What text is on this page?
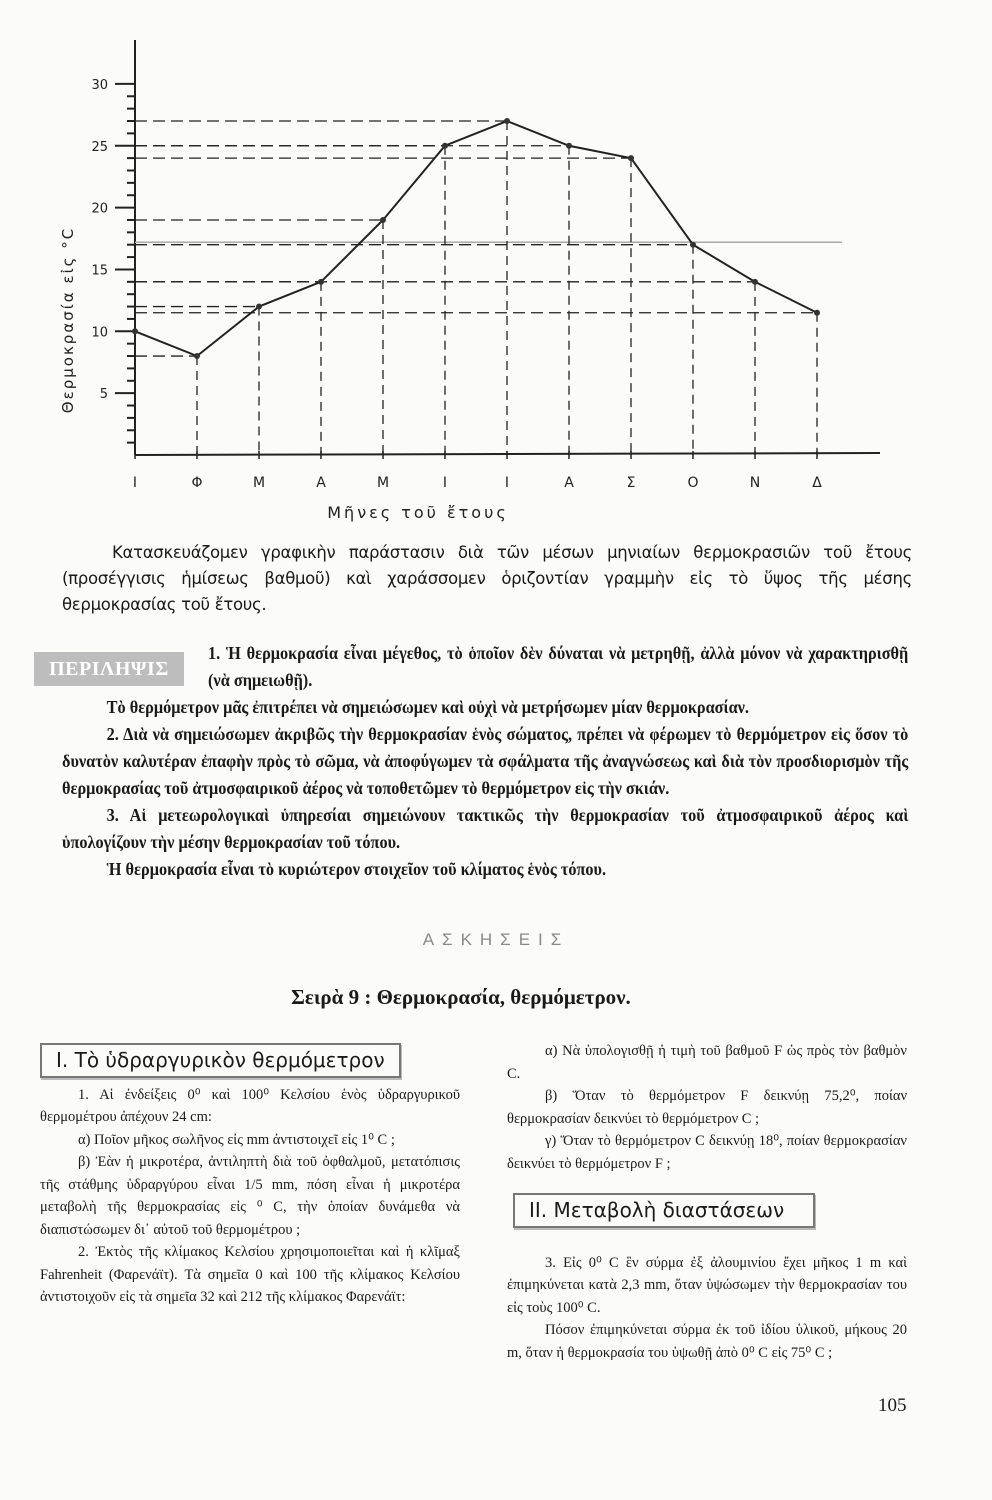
5
10
15
20
25
30
Ι	Φ	Μ	Α	Μ	Ι	Ι	Α	Σ	Ο	Ν	Δ
Θερμοκρασία εἰς °C
Μῆνες τοῦ ἔτους
Κατασκευάζομεν γραφικὴν παράστασιν διὰ τῶν μέσων μηνιαίων θερμοκρασιῶν τοῦ ἔτους (προσέγγισις ἡμίσεως βαθμοῦ) καὶ χαράσσομεν ὁριζοντίαν γραμμὴν εἰς τὸ ὕψος τῆς μέσης θερμοκρασίας τοῦ ἔτους.
ΠΕΡΙΛΗΨΙΣ

1. Ἡ θερμοκρασία εἶναι μέγεθος, τὸ ὁποῖον δὲν δύναται νὰ μετρηθῇ, ἀλλὰ μόνον νὰ χαρακτηρισθῇ (νὰ σημειωθῇ).

Τὸ θερμόμετρον μᾶς ἐπιτρέπει νὰ σημειώσωμεν καὶ οὐχὶ νὰ μετρήσωμεν μίαν θερμοκρασίαν.

2. Διὰ νὰ σημειώσωμεν ἀκριβῶς τὴν θερμοκρασίαν ἑνὸς σώματος, πρέπει νὰ φέρωμεν τὸ θερμόμετρον εἰς ὅσον τὸ δυνατὸν καλυτέραν ἐπαφὴν πρὸς τὸ σῶμα, νὰ ἀποφύγωμεν τὰ σφάλματα τῆς ἀναγνώσεως καὶ διὰ τὸν προσδιορισμὸν τῆς θερμοκρασίας τοῦ ἀτμοσφαιρικοῦ ἀέρος νὰ τοποθετῶμεν τὸ θερμόμετρον εἰς τὴν σκιάν.

3. Αἱ μετεωρολογικαὶ ὑπηρεσίαι σημειώνουν τακτικῶς τὴν θερμοκρασίαν τοῦ ἀτμοσφαιρικοῦ ἀέρος καὶ ὑπολογίζουν τὴν μέσην θερμοκρασίαν τοῦ τόπου.

Ἡ θερμοκρασία εἶναι τὸ κυριώτερον στοιχεῖον τοῦ κλίματος ἑνὸς τόπου.

ΑΣΚΗΣΕΙΣ
Σειρὰ 9 : Θερμοκρασία, θερμόμετρον.
Ι. Τὸ ὑδραργυρικὸν θερμόμετρον

1. Αἱ ἐνδείξεις 0⁰ καὶ 100⁰ Κελσίου ἑνὸς ὑδραργυρικοῦ θερμομέτρου ἀπέχουν 24 cm:

α) Ποῖον μῆκος σωλῆνος εἰς mm ἀντιστοιχεῖ εἰς 1⁰ C ;

β) Ἐὰν ἡ μικροτέρα, ἀντιληπτὴ διὰ τοῦ ὀφθαλμοῦ, μετατόπισις τῆς στάθμης ὑδραργύρου εἶναι 1/5 mm, πόση εἶναι ἡ μικροτέρα μεταβολὴ τῆς θερμοκρασίας εἰς ⁰ C, τὴν ὁποίαν δυνάμεθα νὰ διαπιστώσωμεν δι᾿ αὐτοῦ τοῦ θερμομέτρου ;

2. Ἐκτὸς τῆς κλίμακος Κελσίου χρησιμοποιεῖται καὶ ἡ κλῖμαξ Fahrenheit (Φαρενάϊτ). Τὰ σημεῖα 0 καὶ 100 τῆς κλίμακος Κελσίου ἀντιστοιχοῦν εἰς τὰ σημεῖα 32 καὶ 212 τῆς κλίμακος Φαρενάϊτ:

α) Νὰ ὑπολογισθῇ ἡ τιμὴ τοῦ βαθμοῦ F ὡς πρὸς τὸν βαθμὸν C.

β) Ὅταν τὸ θερμόμετρον F δεικνύῃ 75,2⁰, ποίαν θερμοκρασίαν δεικνύει τὸ θερμόμετρον C ;

γ) Ὅταν τὸ θερμόμετρον C δεικνύῃ 18⁰, ποίαν θερμοκρασίαν δεικνύει τὸ θερμόμετρον F ;

ΙΙ. Μεταβολὴ διαστάσεων

3. Εἰς 0⁰ C ἓν σύρμα ἐξ ἀλουμινίου ἔχει μῆκος 1 m καὶ ἐπιμηκύνεται κατὰ 2,3 mm, ὅταν ὑψώσωμεν τὴν θερμοκρασίαν του εἰς τοὺς 100⁰ C.

Πόσον ἐπιμηκύνεται σύρμα ἐκ τοῦ ἰδίου ὑλικοῦ, μήκους 20 m, ὅταν ἡ θερμοκρασία του ὑψωθῇ ἀπὸ 0⁰ C εἰς 75⁰ C ;

105
